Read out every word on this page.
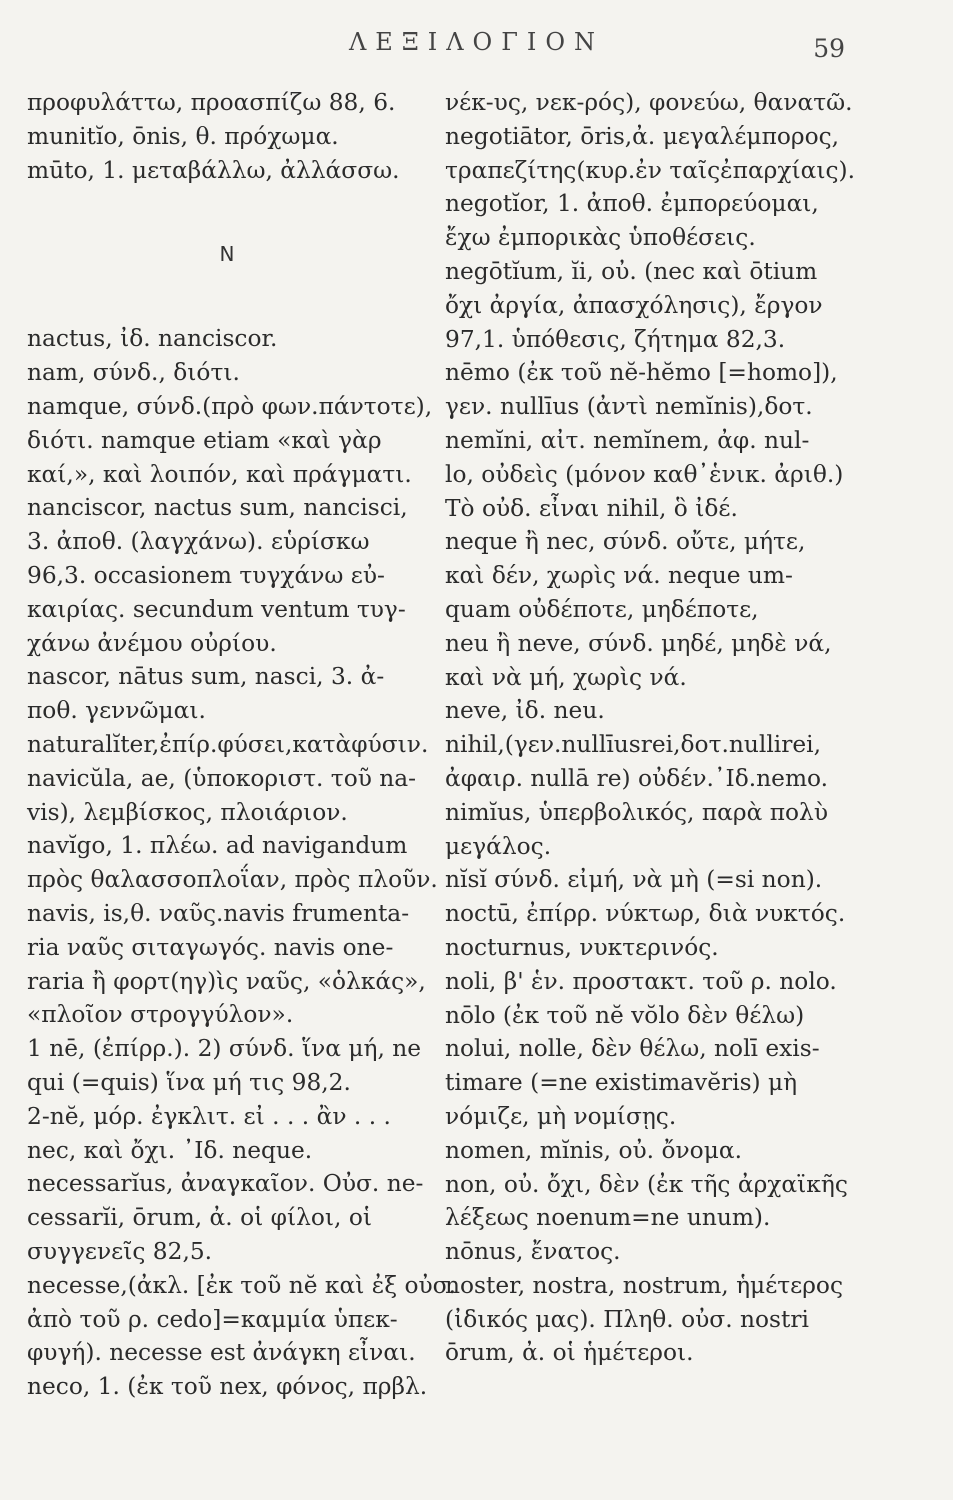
ΛΕΞΙΛΟΓΙΟΝ	59
προφυλάττω, προασπίζω 88, 6.
munitĭo, ōnis, θ. πρόχωμα.
mūto, 1. μεταβάλλω, ἀλλάσσω.
N
nactus, ἰδ. nanciscor.
nam, σύνδ., διότι.
namque, σύνδ.(πρὸ φων.πάντοτε),
διότι. namque etiam «καὶ γὰρ
καί,», καὶ λοιπόν, καὶ πράγματι.
nanciscor, nactus sum, nancisci,
3. ἀποθ. (λαγχάνω). εὑρίσκω
96,3. occasionem τυγχάνω εὐ-
καιρίας. secundum ventum τυγ-
χάνω ἀνέμου οὐρίου.
nascor, nātus sum, nasci, 3. ἀ-
ποθ. γεννῶμαι.
naturalĭter,ἐπίρ.φύσει,κατὰφύσιν.
navicŭla, ae, (ὑποκοριστ. τοῦ na-
vis), λεμβίσκος, πλοιάριον.
navĭgo, 1. πλέω. ad navigandum
πρὸς θαλασσοπλοΐαν, πρὸς πλοῦν.
navis, is,θ. ναῦς.navis frumenta-
ria ναῦς σιταγωγός. navis one-
raria ἢ φορτ(ηγ)ὶς ναῦς, «ὁλκάς»,
«πλοῖον στρογγύλον».
1 nē, (ἐπίρρ.). 2) σύνδ. ἵνα μή, ne
qui (=quis) ἵνα μή τις 98,2.
2-nĕ, μόρ. ἐγκλιτ. εἰ . . . ἂν . . .
nec, καὶ ὄχι. ᾿Ιδ. neque.
necessarĭus, ἀναγκαῖον. Οὐσ. ne-
cessarĭi, ōrum, ἀ. οἱ φίλοι, οἱ
συγγενεῖς 82,5.
necesse,(ἀκλ. [ἐκ τοῦ nĕ καὶ ἐξ οὐσ.
ἀπὸ τοῦ ρ. cedo]=καμμία ὑπεκ-
φυγή). necesse est ἀνάγκη εἶναι.
neco, 1. (ἐκ τοῦ nex, φόνος, πρβλ.
νέκ-υς, νεκ-ρός), φονεύω, θανατῶ.
negotiātor, ōris,ἀ. μεγαλέμπορος,
τραπεζίτης(κυρ.ἐν ταῖςἐπαρχίαις).
negotĭor, 1. ἀποθ. ἐμπορεύομαι,
ἔχω ἐμπορικὰς ὑποθέσεις.
negōtĭum, ĭi, οὐ. (nec καὶ ōtium
ὄχι ἀργία, ἀπασχόλησις), ἔργον
97,1. ὑπόθεσις, ζήτημα 82,3.
nēmo (ἐκ τοῦ nĕ-hĕmo [=homo]),
γεν. nullīus (ἀντὶ nemĭnis),δοτ.
nemĭni, αἰτ. nemĭnem, ἀφ. nul-
lo, οὐδεὶς (μόνον καθ᾿ἑνικ. ἀριθ.)
Τὸ οὐδ. εἶναι nihil, ὃ ἰδέ.
neque ἢ nec, σύνδ. οὔτε, μήτε,
καὶ δέν, χωρὶς νά. neque um-
quam οὐδέποτε, μηδέποτε,
neu ἢ neve, σύνδ. μηδέ, μηδὲ νά,
καὶ νὰ μή, χωρὶς νά.
neve, ἰδ. neu.
nihil,(γεν.nullīusrei,δοτ.nullirei,
ἀφαιρ. nullā re) οὐδέν.᾿Ιδ.nemo.
nimĭus, ὑπερβολικός, παρὰ πολὺ
μεγάλος.
nĭsĭ σύνδ. εἰμή, νὰ μὴ (=si non).
noctū, ἐπίρρ. νύκτωρ, διὰ νυκτός.
nocturnus, νυκτερινός.
noli, β' ἑν. προστακτ. τοῦ ρ. nolo.
nōlo (ἐκ τοῦ nĕ vŏlo δὲν θέλω)
nolui, nolle, δὲν θέλω, nolī exis-
timare (=ne existimavĕris) μὴ
νόμιζε, μὴ νομίσῃς.
nomen, mĭnis, οὐ. ὄνομα.
non, οὐ. ὄχι, δὲν (ἐκ τῆς ἀρχαϊκῆς
λέξεως noenum=ne unum).
nōnus, ἔνατος.
noster, nostra, nostrum, ἡμέτερος
(ἰδικός μας). Πληθ. οὐσ. nostri
ōrum, ἀ. οἱ ἡμέτεροι.
